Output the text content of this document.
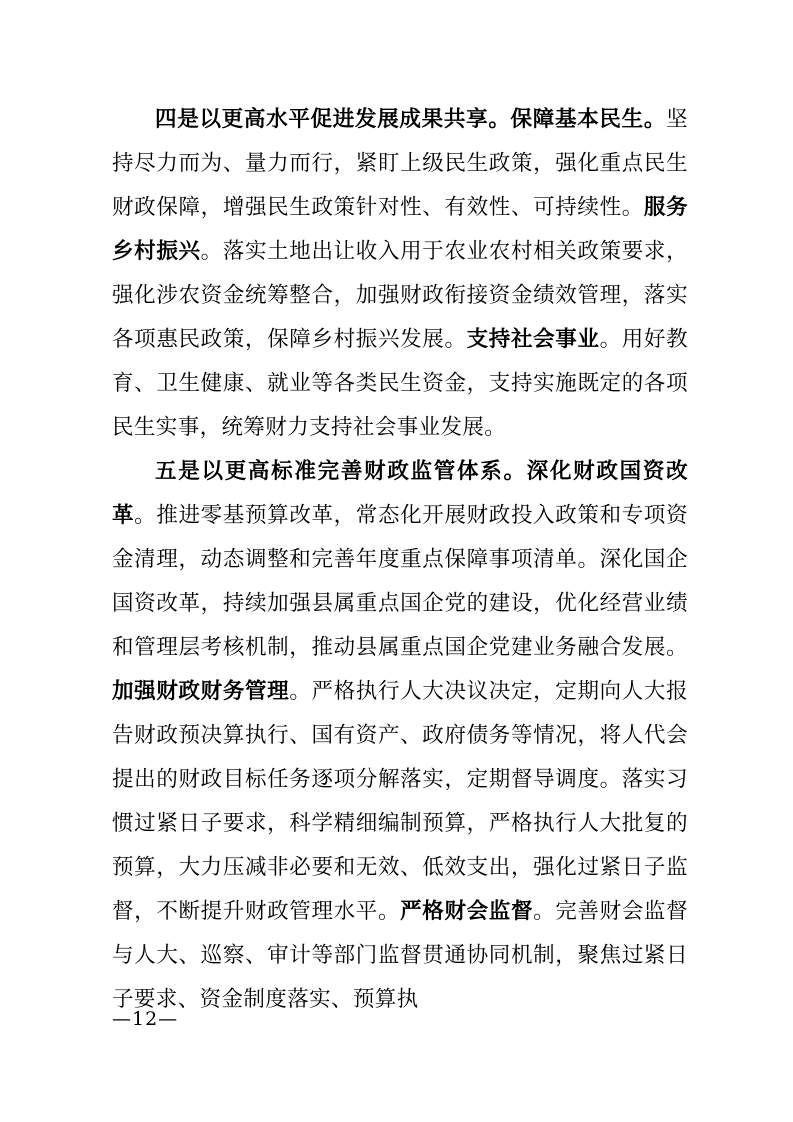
四是以更高水平促进发展成果共享。保障基本民生。坚持尽力而为、量力而行，紧盯上级民生政策，强化重点民生财政保障，增强民生政策针对性、有效性、可持续性。服务乡村振兴。落实土地出让收入用于农业农村相关政策要求，强化涉农资金统筹整合，加强财政衔接资金绩效管理，落实各项惠民政策，保障乡村振兴发展。支持社会事业。用好教育、卫生健康、就业等各类民生资金，支持实施既定的各项民生实事，统筹财力支持社会事业发展。

五是以更高标准完善财政监管体系。深化财政国资改革。推进零基预算改革，常态化开展财政投入政策和专项资金清理，动态调整和完善年度重点保障事项清单。深化国企国资改革，持续加强县属重点国企党的建设，优化经营业绩和管理层考核机制，推动县属重点国企党建业务融合发展。加强财政财务管理。严格执行人大决议决定，定期向人大报告财政预决算执行、国有资产、政府债务等情况，将人代会提出的财政目标任务逐项分解落实，定期督导调度。落实习惯过紧日子要求，科学精细编制预算，严格执行人大批复的预算，大力压减非必要和无效、低效支出，强化过紧日子监督，不断提升财政管理水平。严格财会监督。完善财会监督与人大、巡察、审计等部门监督贯通协同机制，聚焦过紧日子要求、资金制度落实、预算执

—12—
